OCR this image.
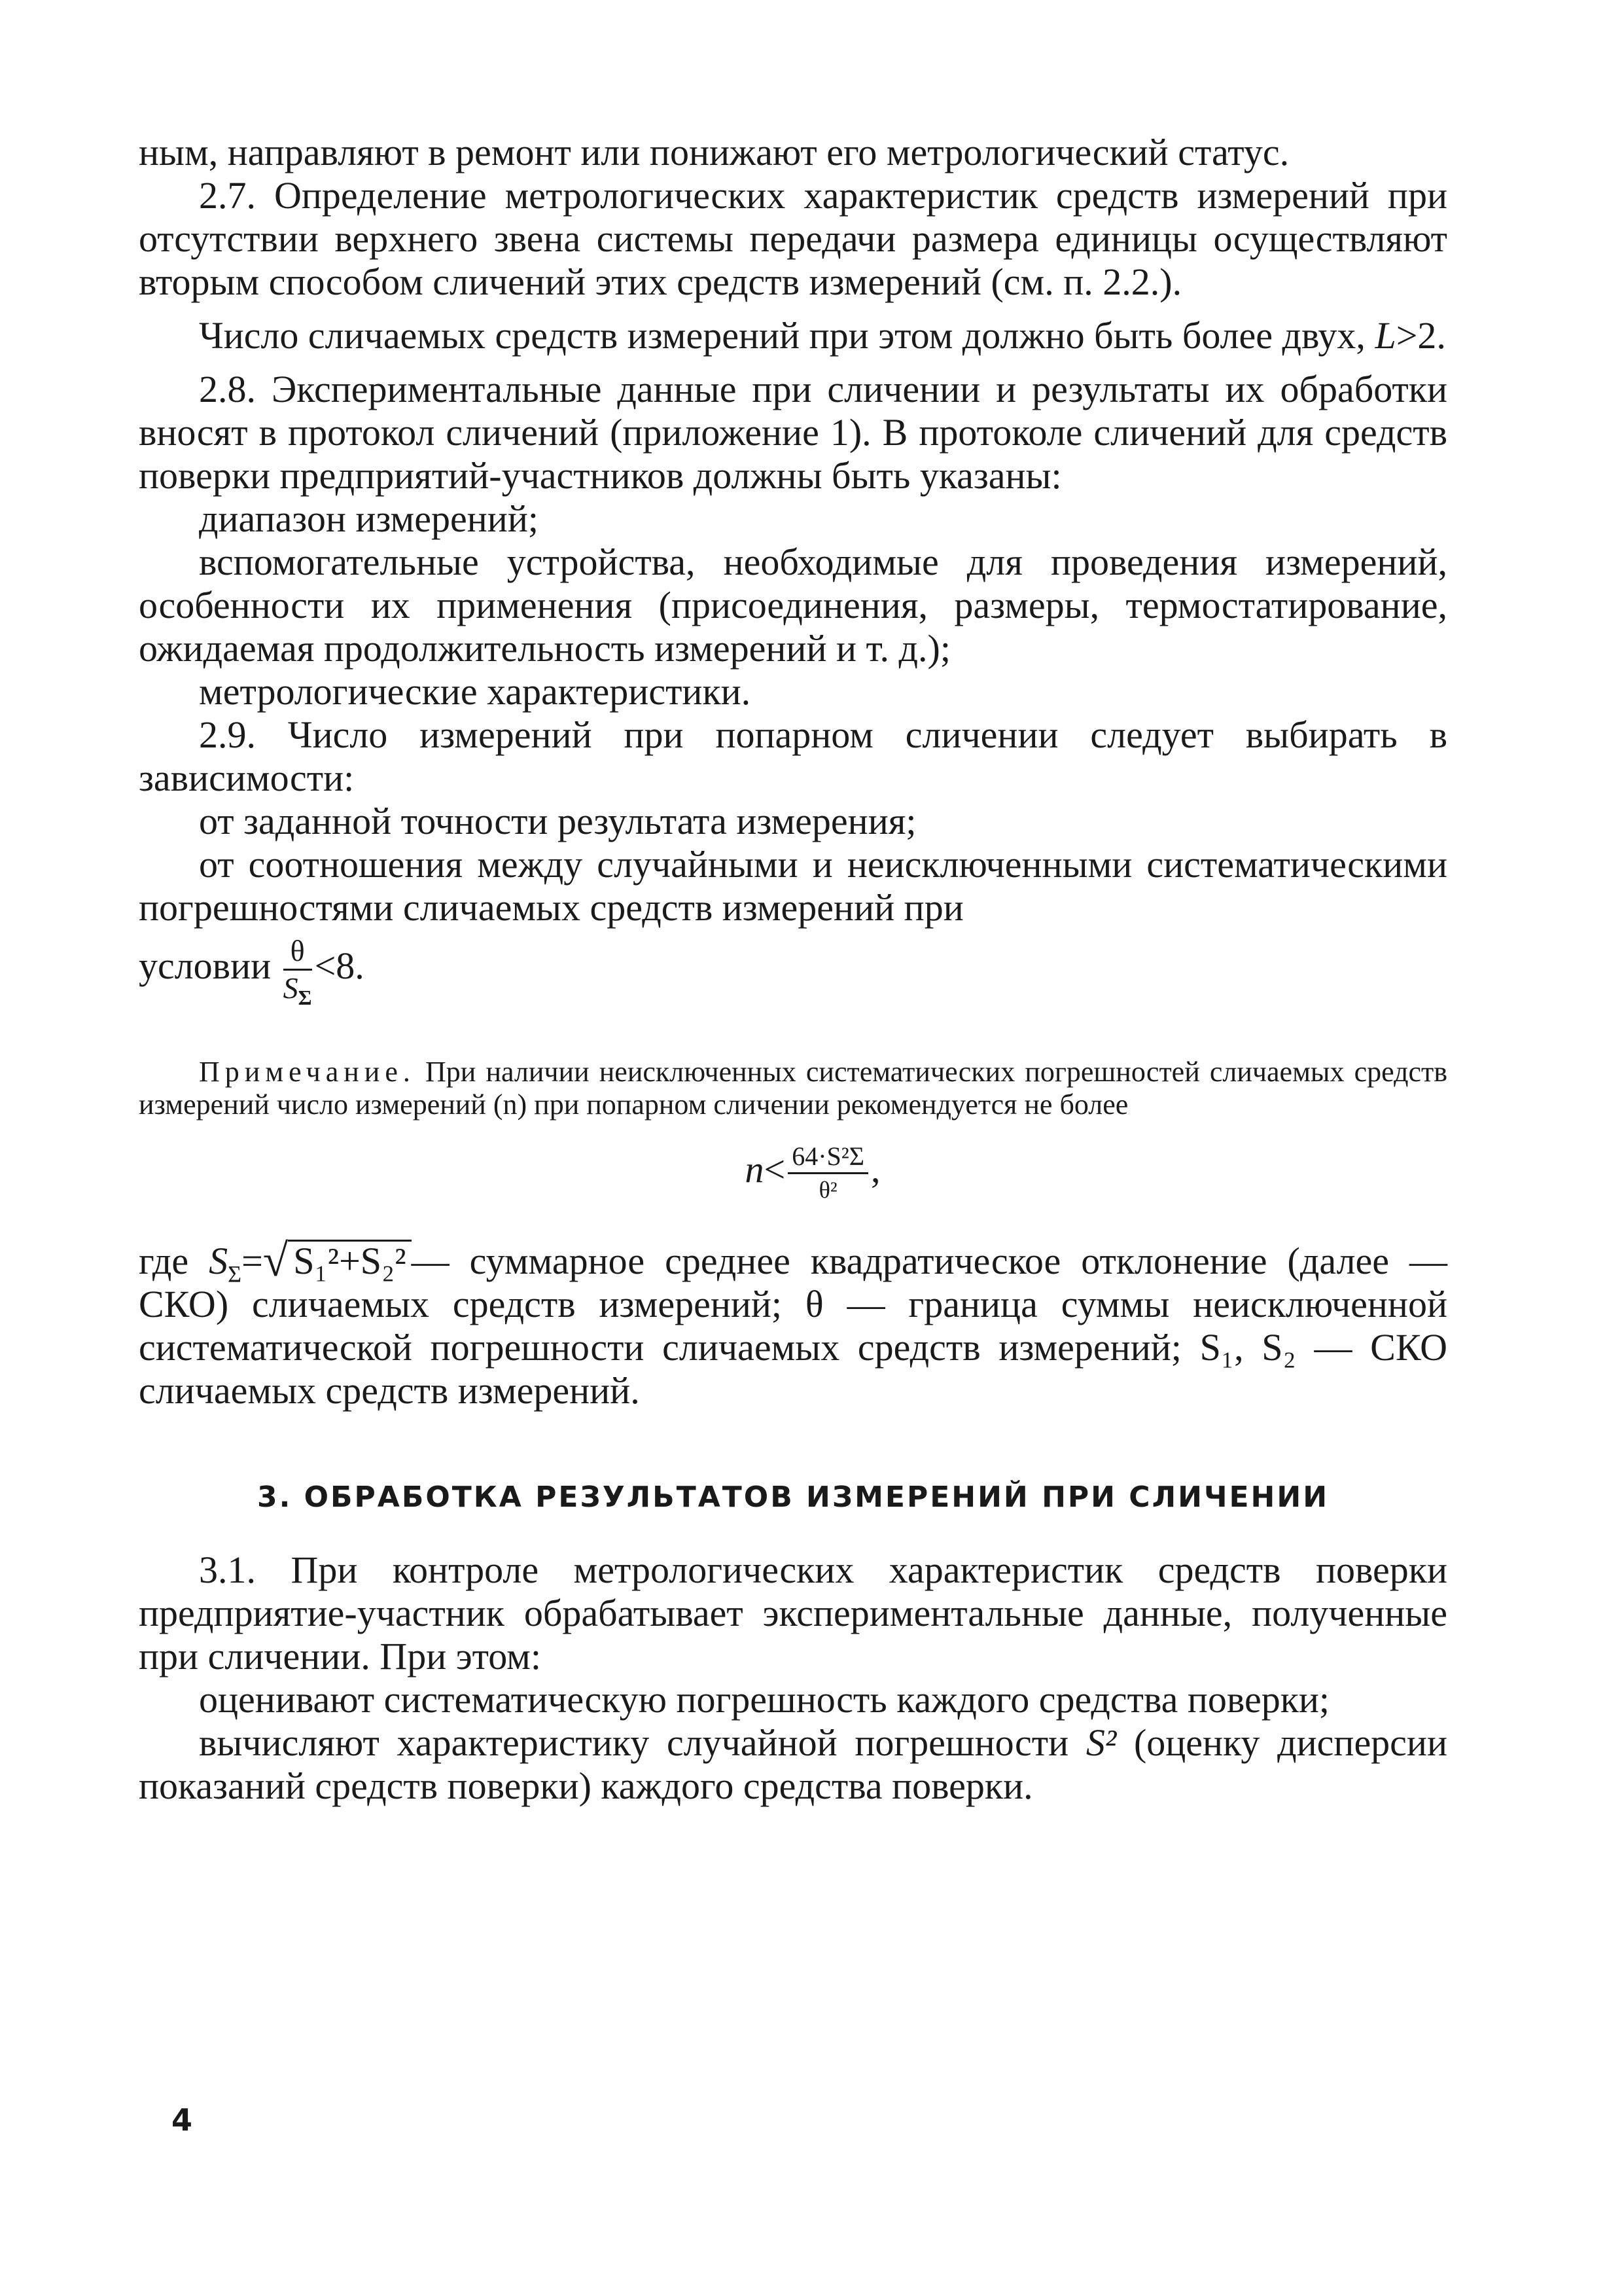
ным, направляют в ремонт или понижают его метрологический статус.

2.7. Определение метрологических характеристик средств измерений при отсутствии верхнего звена системы передачи размера единицы осуществляют вторым способом сличений этих средств измерений (см. п. 2.2.).

Число сличаемых средств измерений при этом должно быть более двух, L>2.

2.8. Экспериментальные данные при сличении и результаты их обработки вносят в протокол сличений (приложение 1). В протоколе сличений для средств поверки предприятий-участников должны быть указаны:

диапазон измерений;

вспомогательные устройства, необходимые для проведения измерений, особенности их применения (присоединения, размеры, термостатирование, ожидаемая продолжительность измерений и т. д.);

метрологические характеристики.

2.9. Число измерений при попарном сличении следует выбирать в зависимости:

от заданной точности результата измерения;

от соотношения между случайными и неисключенными систематическими погрешностями сличаемых средств измерений при

условии $\frac{\theta}{S_\Sigma} <8$.

Примечание. При наличии неисключенных систематических погрешностей сличаемых средств измерений число измерений (n) при попарном сличении рекомендуется не более

$n< \frac{\text{64·S²Σ}}{\text{θ²}}$ ,

где $S_\Sigma=√$ S₁²+S₂² — суммарное среднее квадратическое отклонение (далее — СКО) сличаемых средств измерений; θ — граница суммы неисключенной систематической погрешности сличаемых средств измерений; S₁, S₂ — СКО сличаемых средств измерений.

3. ОБРАБОТКА РЕЗУЛЬТАТОВ ИЗМЕРЕНИЙ ПРИ СЛИЧЕНИИ

3.1. При контроле метрологических характеристик средств поверки предприятие-участник обрабатывает экспериментальные данные, полученные при сличении. При этом:

оценивают систематическую погрешность каждого средства поверки;

вычисляют характеристику случайной погрешности S² (оценку дисперсии показаний средств поверки) каждого средства поверки.

4
